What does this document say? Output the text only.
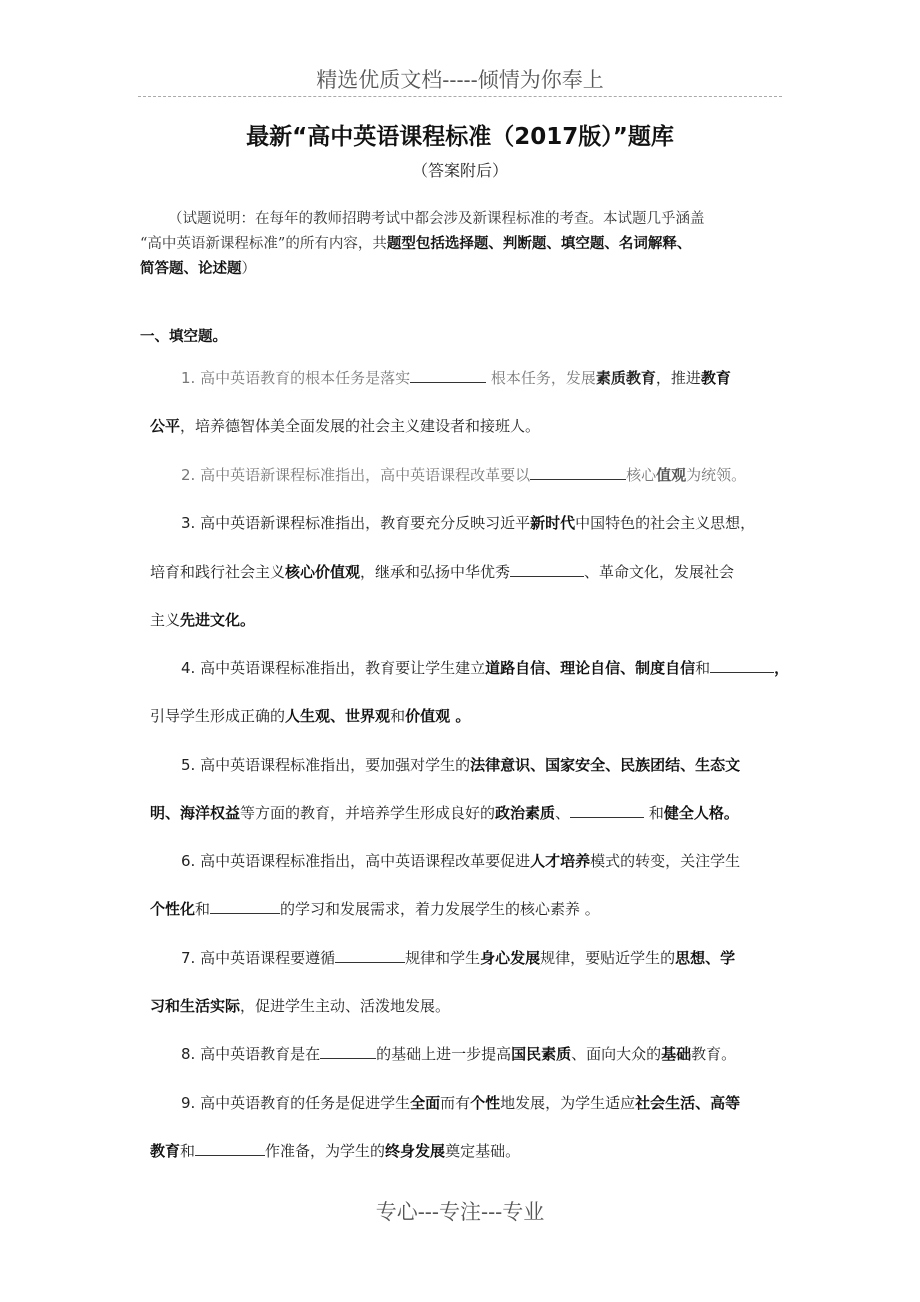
精选优质文档-----倾情为你奉上
最新“高中英语课程标准（2017版）”题库
（答案附后）
（试题说明：在每年的教师招聘考试中都会涉及新课程标准的考查。本试题几乎涵盖
“高中英语新课程标准”的所有内容，共题型包括选择题、判断题、填空题、名词解释、
简答题、论述题）
一、填空题。
1. 高中英语教育的根本任务是落实	根本任务，发展素质教育，推进教育
公平，培养德智体美全面发展的社会主义建设者和接班人。
2. 高中英语新课程标准指出，高中英语课程改革要以	核心值观为统领。
3. 高中英语新课程标准指出，教育要充分反映习近平新时代中国特色的社会主义思想，
培育和践行社会主义核心价值观，继承和弘扬中华优秀	、革命文化，发展社会
主义先进文化。
4. 高中英语课程标准指出，教育要让学生建立道路自信、理论自信、制度自信和	，
引导学生形成正确的人生观、世界观和价值观 。
5. 高中英语课程标准指出，要加强对学生的法律意识、国家安全、民族团结、生态文
明、海洋权益等方面的教育，并培养学生形成良好的政治素质、	和健全人格。
6. 高中英语课程标准指出，高中英语课程改革要促进人才培养模式的转变，关注学生
个性化和	的学习和发展需求，着力发展学生的核心素养 。
7. 高中英语课程要遵循	规律和学生身心发展规律，要贴近学生的思想、学
习和生活实际，促进学生主动、活泼地发展。
8. 高中英语教育是在	的基础上进一步提高国民素质、面向大众的基础教育。
9. 高中英语教育的任务是促进学生全面而有个性地发展，为学生适应社会生活、高等
教育和	作准备，为学生的终身发展奠定基础。
专心---专注---专业
